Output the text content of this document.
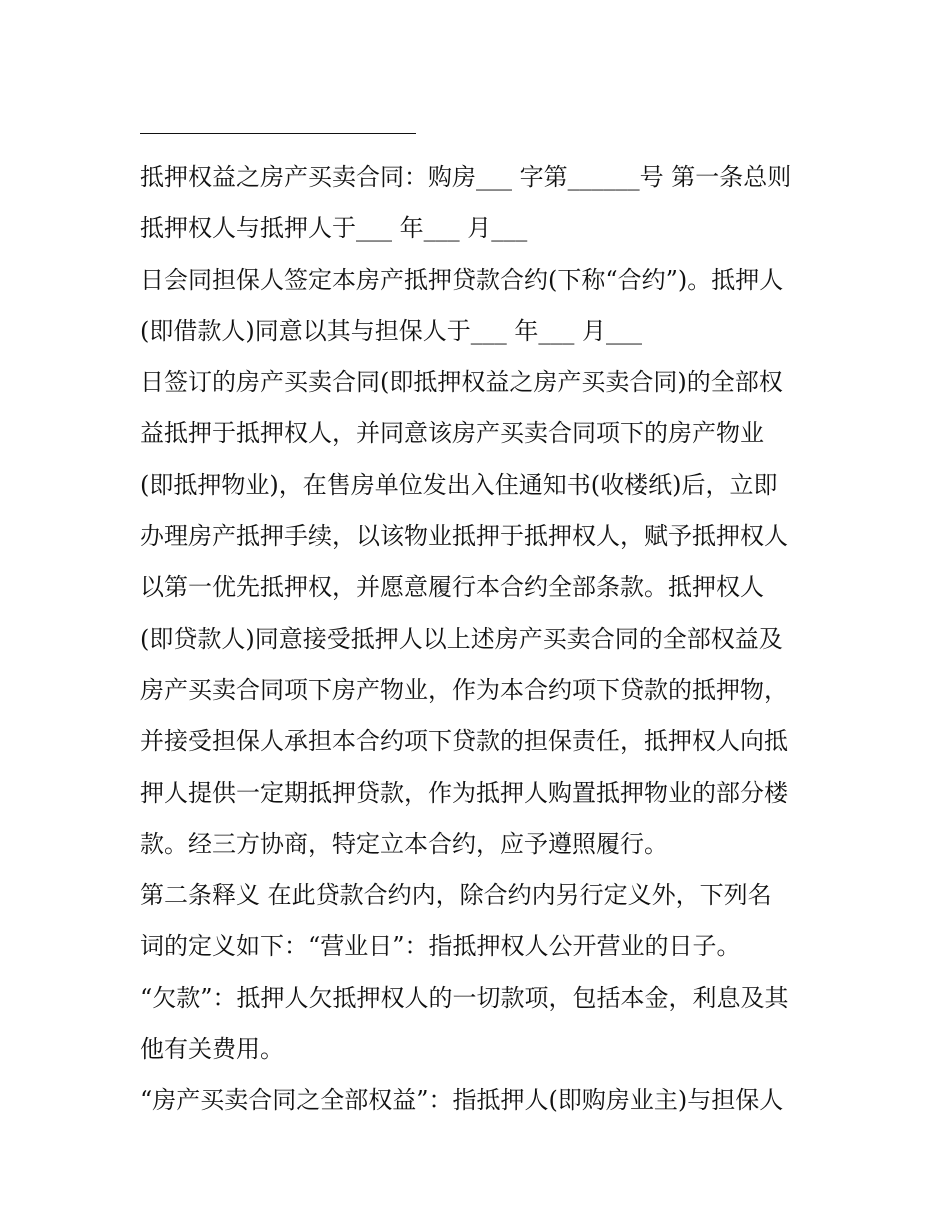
抵押权益之房产买卖合同：购房___ 字第______号 第一条总则
抵押权人与抵押人于___ 年___ 月___
日会同担保人签定本房产抵押贷款合约(下称“合约”)。抵押人
(即借款人)同意以其与担保人于___ 年___ 月___
日签订的房产买卖合同(即抵押权益之房产买卖合同)的全部权
益抵押于抵押权人，并同意该房产买卖合同项下的房产物业
(即抵押物业)，在售房单位发出入住通知书(收楼纸)后，立即
办理房产抵押手续，以该物业抵押于抵押权人，赋予抵押权人
以第一优先抵押权，并愿意履行本合约全部条款。抵押权人
(即贷款人)同意接受抵押人以上述房产买卖合同的全部权益及
房产买卖合同项下房产物业，作为本合约项下贷款的抵押物，
并接受担保人承担本合约项下贷款的担保责任，抵押权人向抵
押人提供一定期抵押贷款，作为抵押人购置抵押物业的部分楼
款。经三方协商，特定立本合约，应予遵照履行。
第二条释义 在此贷款合约内，除合约内另行定义外，下列名
词的定义如下：“营业日”：指抵押权人公开营业的日子。
“欠款”：抵押人欠抵押权人的一切款项，包括本金，利息及其
他有关费用。
“房产买卖合同之全部权益”：指抵押人(即购房业主)与担保人
